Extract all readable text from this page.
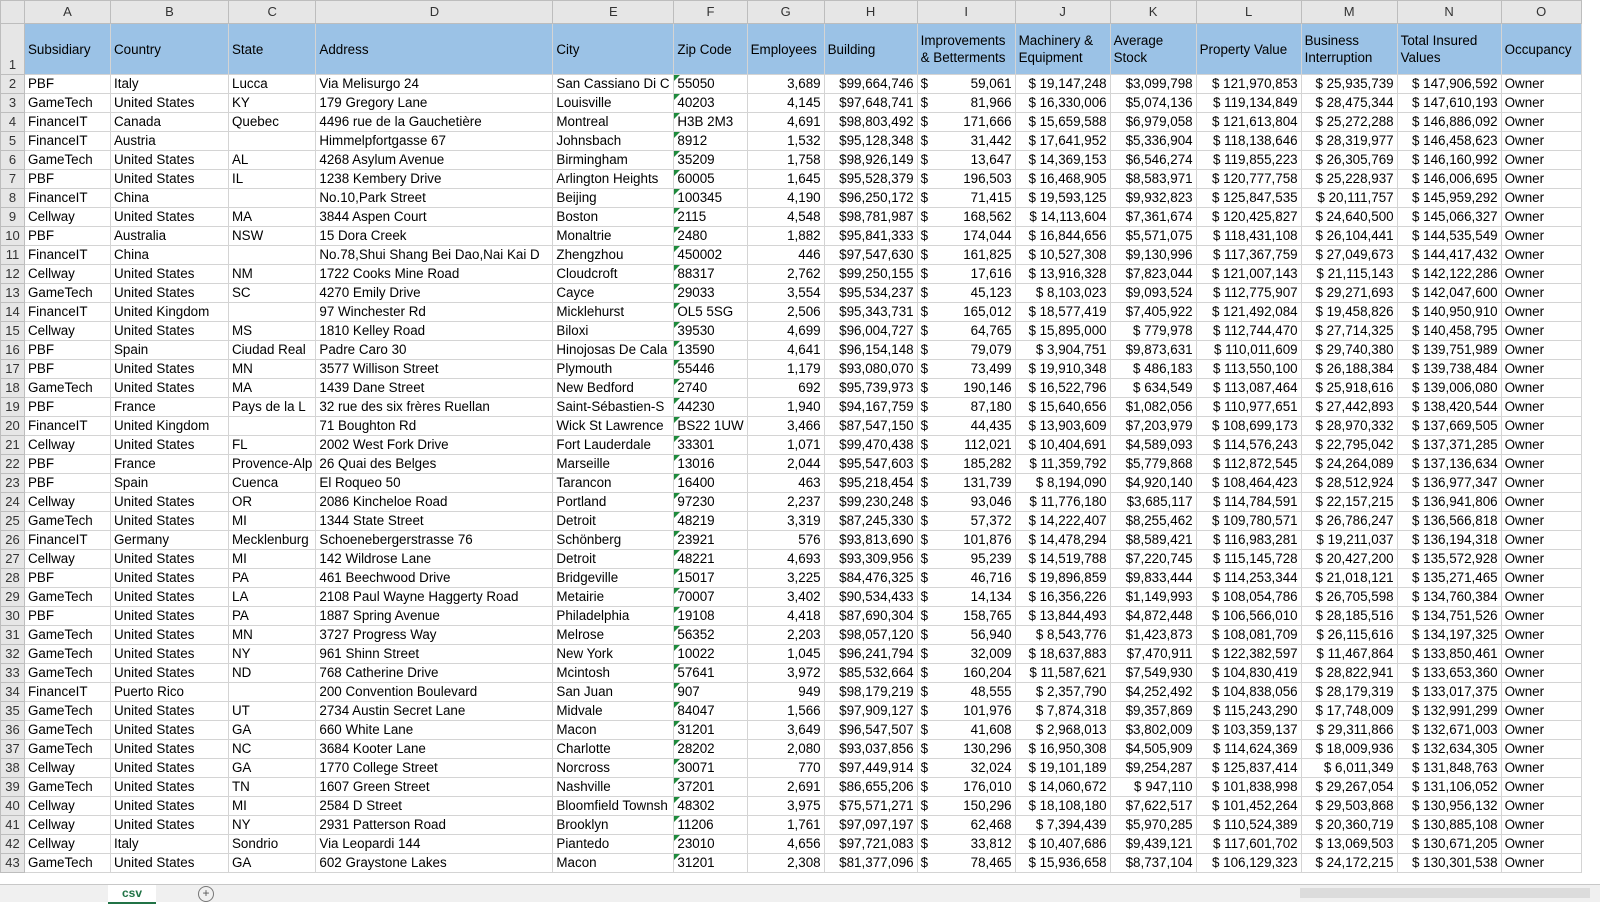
	A	B	C	D	E	F	G	H	I	J	K	L	M	N	O
1	Subsidiary	Country	State	Address	City	Zip Code	Employees	Building	Improvements & Betterments	Machinery & Equipment	Average Stock	Property Value	Business Interruption	Total Insured Values	Occupancy
2	PBF	Italy	Lucca	Via Melisurgo 24	San Cassiano Di C	55050	3,689	$99,664,746	$ 59,061	$ 19,147,248	$3,099,798	$ 121,970,853	$ 25,935,739	$ 147,906,592	Owner
3	GameTech	United States	KY	179 Gregory Lane	Louisville	40203	4,145	$97,648,741	$ 81,966	$ 16,330,006	$5,074,136	$ 119,134,849	$ 28,475,344	$ 147,610,193	Owner
4	FinanceIT	Canada	Quebec	4496 rue de la Gauchetière	Montreal	H3B 2M3	4,691	$98,803,492	$ 171,666	$ 15,659,588	$6,979,058	$ 121,613,804	$ 25,272,288	$ 146,886,092	Owner
5	FinanceIT	Austria		Himmelpfortgasse 67	Johnsbach	8912	1,532	$95,128,348	$ 31,442	$ 17,641,952	$5,336,904	$ 118,138,646	$ 28,319,977	$ 146,458,623	Owner
6	GameTech	United States	AL	4268 Asylum Avenue	Birmingham	35209	1,758	$98,926,149	$ 13,647	$ 14,369,153	$6,546,274	$ 119,855,223	$ 26,305,769	$ 146,160,992	Owner
7	PBF	United States	IL	1238 Kembery Drive	Arlington Heights	60005	1,645	$95,528,379	$ 196,503	$ 16,468,905	$8,583,971	$ 120,777,758	$ 25,228,937	$ 146,006,695	Owner
8	FinanceIT	China		No.10,Park Street	Beijing	100345	4,190	$96,250,172	$ 71,415	$ 19,593,125	$9,932,823	$ 125,847,535	$ 20,111,757	$ 145,959,292	Owner
9	Cellway	United States	MA	3844 Aspen Court	Boston	2115	4,548	$98,781,987	$ 168,562	$ 14,113,604	$7,361,674	$ 120,425,827	$ 24,640,500	$ 145,066,327	Owner
10	PBF	Australia	NSW	15 Dora Creek	Monaltrie	2480	1,882	$95,841,333	$ 174,044	$ 16,844,656	$5,571,075	$ 118,431,108	$ 26,104,441	$ 144,535,549	Owner
11	FinanceIT	China		No.78,Shui Shang Bei Dao,Nai Kai D	Zhengzhou	450002	446	$97,547,630	$ 161,825	$ 10,527,308	$9,130,996	$ 117,367,759	$ 27,049,673	$ 144,417,432	Owner
12	Cellway	United States	NM	1722 Cooks Mine Road	Cloudcroft	88317	2,762	$99,250,155	$ 17,616	$ 13,916,328	$7,823,044	$ 121,007,143	$ 21,115,143	$ 142,122,286	Owner
13	GameTech	United States	SC	4270 Emily Drive	Cayce	29033	3,554	$95,534,237	$ 45,123	$ 8,103,023	$9,093,524	$ 112,775,907	$ 29,271,693	$ 142,047,600	Owner
14	FinanceIT	United Kingdom		97 Winchester Rd	Micklehurst	OL5 5SG	2,506	$95,343,731	$ 165,012	$ 18,577,419	$7,405,922	$ 121,492,084	$ 19,458,826	$ 140,950,910	Owner
15	Cellway	United States	MS	1810 Kelley Road	Biloxi	39530	4,699	$96,004,727	$ 64,765	$ 15,895,000	$ 779,978	$ 112,744,470	$ 27,714,325	$ 140,458,795	Owner
16	PBF	Spain	Ciudad Real	Padre Caro 30	Hinojosas De Cala	13590	4,641	$96,154,148	$ 79,079	$ 3,904,751	$9,873,631	$ 110,011,609	$ 29,740,380	$ 139,751,989	Owner
17	PBF	United States	MN	3577 Willison Street	Plymouth	55446	1,179	$93,080,070	$ 73,499	$ 19,910,348	$ 486,183	$ 113,550,100	$ 26,188,384	$ 139,738,484	Owner
18	GameTech	United States	MA	1439 Dane Street	New Bedford	2740	692	$95,739,973	$ 190,146	$ 16,522,796	$ 634,549	$ 113,087,464	$ 25,918,616	$ 139,006,080	Owner
19	PBF	France	Pays de la L	32 rue des six frères Ruellan	Saint-Sébastien-S	44230	1,940	$94,167,759	$ 87,180	$ 15,640,656	$1,082,056	$ 110,977,651	$ 27,442,893	$ 138,420,544	Owner
20	FinanceIT	United Kingdom		71 Boughton Rd	Wick St Lawrence	BS22 1UW	3,466	$87,547,150	$ 44,435	$ 13,903,609	$7,203,979	$ 108,699,173	$ 28,970,332	$ 137,669,505	Owner
21	Cellway	United States	FL	2002 West Fork Drive	Fort Lauderdale	33301	1,071	$99,470,438	$ 112,021	$ 10,404,691	$4,589,093	$ 114,576,243	$ 22,795,042	$ 137,371,285	Owner
22	PBF	France	Provence-Alp	26 Quai des Belges	Marseille	13016	2,044	$95,547,603	$ 185,282	$ 11,359,792	$5,779,868	$ 112,872,545	$ 24,264,089	$ 137,136,634	Owner
23	PBF	Spain	Cuenca	El Roqueo 50	Tarancon	16400	463	$95,218,454	$ 131,739	$ 8,194,090	$4,920,140	$ 108,464,423	$ 28,512,924	$ 136,977,347	Owner
24	Cellway	United States	OR	2086 Kincheloe Road	Portland	97230	2,237	$99,230,248	$ 93,046	$ 11,776,180	$3,685,117	$ 114,784,591	$ 22,157,215	$ 136,941,806	Owner
25	GameTech	United States	MI	1344 State Street	Detroit	48219	3,319	$87,245,330	$ 57,372	$ 14,222,407	$8,255,462	$ 109,780,571	$ 26,786,247	$ 136,566,818	Owner
26	FinanceIT	Germany	Mecklenburg	Schoenebergerstrasse 76	Schönberg	23921	576	$93,813,690	$ 101,876	$ 14,478,294	$8,589,421	$ 116,983,281	$ 19,211,037	$ 136,194,318	Owner
27	Cellway	United States	MI	142 Wildrose Lane	Detroit	48221	4,693	$93,309,956	$ 95,239	$ 14,519,788	$7,220,745	$ 115,145,728	$ 20,427,200	$ 135,572,928	Owner
28	PBF	United States	PA	461 Beechwood Drive	Bridgeville	15017	3,225	$84,476,325	$ 46,716	$ 19,896,859	$9,833,444	$ 114,253,344	$ 21,018,121	$ 135,271,465	Owner
29	GameTech	United States	LA	2108 Paul Wayne Haggerty Road	Metairie	70007	3,402	$90,534,433	$ 14,134	$ 16,356,226	$1,149,993	$ 108,054,786	$ 26,705,598	$ 134,760,384	Owner
30	PBF	United States	PA	1887 Spring Avenue	Philadelphia	19108	4,418	$87,690,304	$ 158,765	$ 13,844,493	$4,872,448	$ 106,566,010	$ 28,185,516	$ 134,751,526	Owner
31	GameTech	United States	MN	3727 Progress Way	Melrose	56352	2,203	$98,057,120	$ 56,940	$ 8,543,776	$1,423,873	$ 108,081,709	$ 26,115,616	$ 134,197,325	Owner
32	GameTech	United States	NY	961 Shinn Street	New York	10022	1,045	$96,241,794	$ 32,009	$ 18,637,883	$7,470,911	$ 122,382,597	$ 11,467,864	$ 133,850,461	Owner
33	GameTech	United States	ND	768 Catherine Drive	Mcintosh	57641	3,972	$85,532,664	$ 160,204	$ 11,587,621	$7,549,930	$ 104,830,419	$ 28,822,941	$ 133,653,360	Owner
34	FinanceIT	Puerto Rico		200 Convention Boulevard	San Juan	907	949	$98,179,219	$ 48,555	$ 2,357,790	$4,252,492	$ 104,838,056	$ 28,179,319	$ 133,017,375	Owner
35	GameTech	United States	UT	2734 Austin Secret Lane	Midvale	84047	1,566	$97,909,127	$ 101,976	$ 7,874,318	$9,357,869	$ 115,243,290	$ 17,748,009	$ 132,991,299	Owner
36	GameTech	United States	GA	660 White Lane	Macon	31201	3,649	$96,547,507	$ 41,608	$ 2,968,013	$3,802,009	$ 103,359,137	$ 29,311,866	$ 132,671,003	Owner
37	GameTech	United States	NC	3684 Kooter Lane	Charlotte	28202	2,080	$93,037,856	$ 130,296	$ 16,950,308	$4,505,909	$ 114,624,369	$ 18,009,936	$ 132,634,305	Owner
38	Cellway	United States	GA	1770 College Street	Norcross	30071	770	$97,449,914	$ 32,024	$ 19,101,189	$9,254,287	$ 125,837,414	$ 6,011,349	$ 131,848,763	Owner
39	GameTech	United States	TN	1607 Green Street	Nashville	37201	2,691	$86,655,206	$ 176,010	$ 14,060,672	$ 947,110	$ 101,838,998	$ 29,267,054	$ 131,106,052	Owner
40	Cellway	United States	MI	2584 D Street	Bloomfield Townsh	48302	3,975	$75,571,271	$ 150,296	$ 18,108,180	$7,622,517	$ 101,452,264	$ 29,503,868	$ 130,956,132	Owner
41	Cellway	United States	NY	2931 Patterson Road	Brooklyn	11206	1,761	$97,097,197	$ 62,468	$ 7,394,439	$5,970,285	$ 110,524,389	$ 20,360,719	$ 130,885,108	Owner
42	Cellway	Italy	Sondrio	Via Leopardi 144	Piantedo	23010	4,656	$97,721,083	$ 33,812	$ 10,407,686	$9,439,121	$ 117,601,702	$ 13,069,503	$ 130,671,205	Owner
43	GameTech	United States	GA	602 Graystone Lakes	Macon	31201	2,308	$81,377,096	$ 78,465	$ 15,936,658	$8,737,104	$ 106,129,323	$ 24,172,215	$ 130,301,538	Owner
csv	+
